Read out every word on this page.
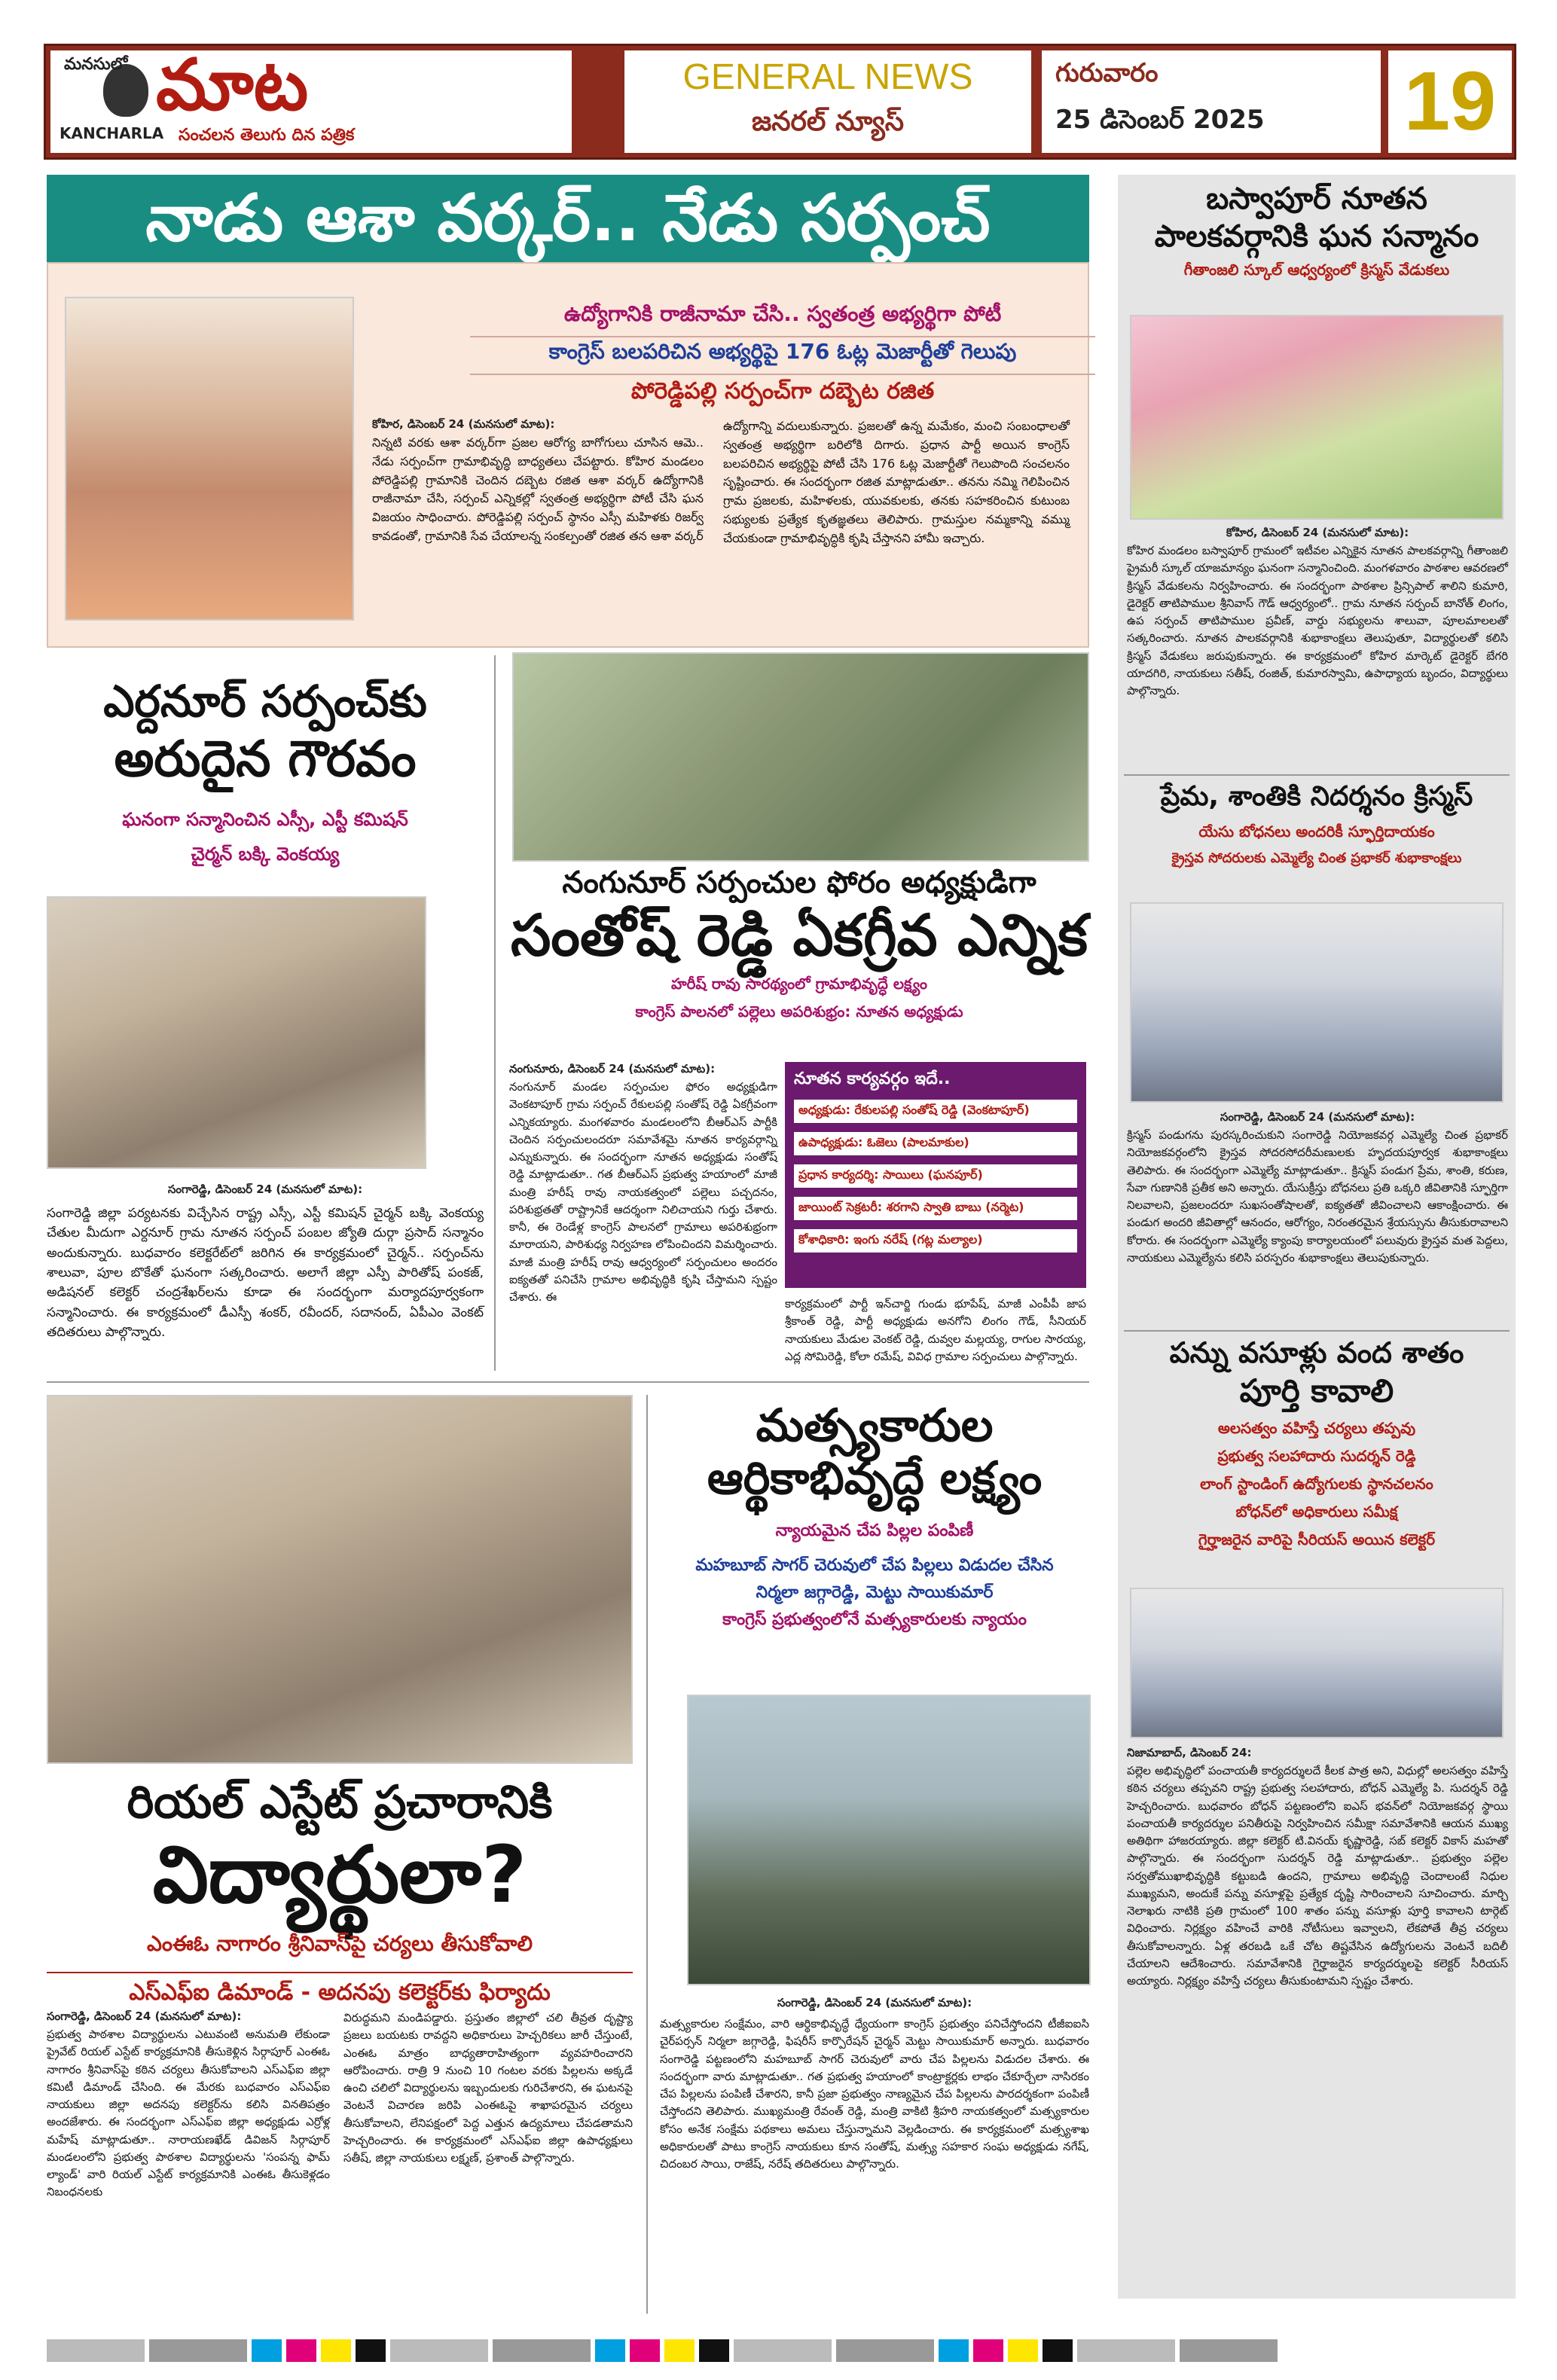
మనసులో మాట
KANCHARLA సంచలన తెలుగు దిన పత్రిక
GENERAL NEWS
జనరల్ న్యూస్
గురువారం
25 డిసెంబర్ 2025	19
నాడు ఆశా వర్కర్.. నేడు సర్పంచ్
ఉద్యోగానికి రాజీనామా చేసి.. స్వతంత్ర అభ్యర్థిగా పోటీ
కాంగ్రెస్ బలపరిచిన అభ్యర్థిపై 176 ఓట్ల మెజార్టీతో గెలుపు
పోరెడ్డిపల్లి సర్పంచ్‌గా దబ్బెట రజిత
కోహిర, డిసెంబర్ 24 (మనసులో మాట):
నిన్నటి వరకు ఆశా వర్కర్‌గా ప్రజల ఆరోగ్య బాగోగులు చూసిన ఆమె.. నేడు సర్పంచ్‌గా గ్రామాభివృద్ధి బాధ్యతలు చేపట్టారు. కోహిర మండలం పోరెడ్డిపల్లి గ్రామానికి చెందిన దబ్బెట రజిత ఆశా వర్కర్ ఉద్యోగానికి రాజీనామా చేసి, సర్పంచ్ ఎన్నికల్లో స్వతంత్ర అభ్యర్థిగా పోటీ చేసి ఘన విజయం సాధించారు. పోరెడ్డిపల్లి సర్పంచ్ స్థానం ఎస్సీ మహిళకు రిజర్వ్ కావడంతో, గ్రామానికి సేవ చేయాలన్న సంకల్పంతో రజిత తన ఆశా వర్కర్
ఉద్యోగాన్ని వదులుకున్నారు. ప్రజలతో ఉన్న మమేకం, మంచి సంబంధాలతో స్వతంత్ర అభ్యర్థిగా బరిలోకి దిగారు. ప్రధాన పార్టీ అయిన కాంగ్రెస్ బలపరిచిన అభ్యర్థిపై పోటీ చేసి 176 ఓట్ల మెజార్టీతో గెలుపొంది సంచలనం సృష్టించారు. ఈ సందర్భంగా రజిత మాట్లాడుతూ.. తనను నమ్మి గెలిపించిన గ్రామ ప్రజలకు, మహిళలకు, యువకులకు, తనకు సహకరించిన కుటుంబ సభ్యులకు ప్రత్యేక కృతజ్ఞతలు తెలిపారు. గ్రామస్తుల నమ్మకాన్ని వమ్ము చేయకుండా గ్రామాభివృద్ధికి కృషి చేస్తానని హామీ ఇచ్చారు.
ఎర్దనూర్ సర్పంచ్‌కు
అరుదైన గౌరవం
ఘనంగా సన్మానించిన ఎస్సీ, ఎస్టీ కమిషన్
చైర్మన్ బక్కి వెంకయ్య
సంగారెడ్డి, డిసెంబర్ 24 (మనసులో మాట):
సంగారెడ్డి జిల్లా పర్యటనకు విచ్చేసిన రాష్ట్ర ఎస్సీ, ఎస్టీ కమిషన్ చైర్మన్ బక్కి వెంకయ్య చేతుల మీదుగా ఎర్దనూర్ గ్రామ నూతన సర్పంచ్ పంబల జ్యోతి దుర్గా ప్రసాద్ సన్మానం అందుకున్నారు. బుధవారం కలెక్టరేట్‌లో జరిగిన ఈ కార్యక్రమంలో చైర్మన్.. సర్పంచ్‌ను శాలువా, పూల బొకేతో ఘనంగా సత్కరించారు. అలాగే జిల్లా ఎస్పీ పారితోష్ పంకజ్, అడిషనల్ కలెక్టర్ చంద్రశేఖర్‌లను కూడా ఈ సందర్భంగా మర్యాదపూర్వకంగా సన్మానించారు. ఈ కార్యక్రమంలో డీఎస్పీ శంకర్, రవీందర్, సదానంద్, ఏపీఎం వెంకట్ తదితరులు పాల్గొన్నారు.
నంగునూర్ సర్పంచుల ఫోరం అధ్యక్షుడిగా
సంతోష్ రెడ్డి ఏకగ్రీవ ఎన్నిక
హరీష్ రావు సారథ్యంలో గ్రామాభివృద్ధే లక్ష్యం
కాంగ్రెస్ పాలనలో పల్లెలు అపరిశుభ్రం: నూతన అధ్యక్షుడు
నంగునూరు, డిసెంబర్ 24 (మనసులో మాట):
నంగునూర్ మండల సర్పంచుల ఫోరం అధ్యక్షుడిగా వెంకటాపూర్ గ్రామ సర్పంచ్ రేకులపల్లి సంతోష్ రెడ్డి ఏకగ్రీవంగా ఎన్నికయ్యారు. మంగళవారం మండలంలోని బీఆర్ఎస్ పార్టీకి చెందిన సర్పంచులందరూ సమావేశమై నూతన కార్యవర్గాన్ని ఎన్నుకున్నారు. ఈ సందర్భంగా నూతన అధ్యక్షుడు సంతోష్ రెడ్డి మాట్లాడుతూ.. గత బీఆర్ఎస్ ప్రభుత్వ హయాంలో మాజీ మంత్రి హరీష్ రావు నాయకత్వంలో పల్లెలు పచ్చదనం, పరిశుభ్రతతో రాష్ట్రానికే ఆదర్శంగా నిలిచాయని గుర్తు చేశారు. కానీ, ఈ రెండేళ్ల కాంగ్రెస్ పాలనలో గ్రామాలు అపరిశుభ్రంగా మారాయని, పారిశుధ్య నిర్వహణ లోపించిందని విమర్శించారు. మాజీ మంత్రి హరీష్ రావు ఆధ్వర్యంలో సర్పంచులం అందరం ఐక్యతతో పనిచేసి గ్రామాల అభివృద్ధికి కృషి చేస్తామని స్పష్టం చేశారు. ఈ
నూతన కార్యవర్గం ఇదే..
అధ్యక్షుడు: రేకులపల్లి సంతోష్ రెడ్డి (వెంకటాపూర్)
ఉపాధ్యక్షుడు: ఓజెలు (పాలమాకుల)
ప్రధాన కార్యదర్శి: సాయిలు (ఘనపూర్)
జాయింట్ సెక్రటరీ: శరగాని స్వాతి బాబు (నర్మెట)
కోశాధికారి: ఇంగు నరేష్ (గట్ల మల్యాల)
కార్యక్రమంలో పార్టీ ఇన్‌చార్జి గుండు భూపేష్, మాజీ ఎంపీపీ జాప శ్రీకాంత్ రెడ్డి, పార్టీ అధ్యక్షుడు అనగోని లింగం గౌడ్, సీనియర్ నాయకులు మేడుల వెంకట్ రెడ్డి, దువ్వల మల్లయ్య, రాగుల సారయ్య, ఎద్ల సోమిరెడ్డి, కోలా రమేష్, వివిధ గ్రామాల సర్పంచులు పాల్గొన్నారు.
రియల్ ఎస్టేట్ ప్రచారానికి
విద్యార్థులా?
ఎంఈఓ నాగారం శ్రీనివాస్‌పై చర్యలు తీసుకోవాలి
ఎస్ఎఫ్ఐ డిమాండ్ - అదనపు కలెక్టర్‌కు ఫిర్యాదు
సంగారెడ్డి, డిసెంబర్ 24 (మనసులో మాట):
ప్రభుత్వ పాఠశాల విద్యార్థులను ఎటువంటి అనుమతి లేకుండా ప్రైవేట్ రియల్ ఎస్టేట్ కార్యక్రమానికి తీసుకెళ్లిన సిర్గాపూర్ ఎంఈఓ నాగారం శ్రీనివాస్‌పై కఠిన చర్యలు తీసుకోవాలని ఎస్ఎఫ్ఐ జిల్లా కమిటీ డిమాండ్ చేసింది. ఈ మేరకు బుధవారం ఎస్ఎఫ్ఐ నాయకులు జిల్లా అదనపు కలెక్టర్‌ను కలిసి వినతిపత్రం అందజేశారు. ఈ సందర్భంగా ఎస్ఎఫ్ఐ జిల్లా అధ్యక్షుడు ఎర్రోళ్ల మహేష్ మాట్లాడుతూ.. నారాయణఖేడ్ డివిజన్ సిర్గాపూర్ మండలంలోని ప్రభుత్వ పాఠశాల విద్యార్థులను 'సంపన్న ఫామ్ ల్యాండ్' వారి రియల్ ఎస్టేట్ కార్యక్రమానికి ఎంఈఓ తీసుకెళ్లడం నిబంధనలకు
విరుద్ధమని మండిపడ్డారు. ప్రస్తుతం జిల్లాలో చలి తీవ్రత దృష్ట్యా ప్రజలు బయటకు రావద్దని అధికారులు హెచ్చరికలు జారీ చేస్తుంటే, ఎంఈఓ మాత్రం బాధ్యతారాహిత్యంగా వ్యవహరించారని ఆరోపించారు. రాత్రి 9 నుంచి 10 గంటల వరకు పిల్లలను అక్కడే ఉంచి చలిలో విద్యార్థులను ఇబ్బందులకు గురిచేశారని, ఈ ఘటనపై వెంటనే విచారణ జరిపి ఎంఈఓపై శాఖాపరమైన చర్యలు తీసుకోవాలని, లేనిపక్షంలో పెద్ద ఎత్తున ఉద్యమాలు చేపడతామని హెచ్చరించారు. ఈ కార్యక్రమంలో ఎస్ఎఫ్ఐ జిల్లా ఉపాధ్యక్షులు సతీష్, జిల్లా నాయకులు లక్ష్మణ్, ప్రశాంత్ పాల్గొన్నారు.
మత్స్యకారుల
ఆర్థికాభివృద్ధే లక్ష్యం
న్యాయమైన చేప పిల్లల పంపిణీ
మహబూబ్ సాగర్ చెరువులో చేప పిల్లలు విడుదల చేసిన
నిర్మలా జగ్గారెడ్డి, మెట్టు సాయికుమార్
కాంగ్రెస్ ప్రభుత్వంలోనే మత్స్యకారులకు న్యాయం
సంగారెడ్డి, డిసెంబర్ 24 (మనసులో మాట):
మత్స్యకారుల సంక్షేమం, వారి ఆర్థికాభివృద్ధే ధ్యేయంగా కాంగ్రెస్ ప్రభుత్వం పనిచేస్తోందని టీజీఐఐసి చైర్‌పర్సన్ నిర్మలా జగ్గారెడ్డి, ఫిషరీస్ కార్పొరేషన్ చైర్మన్ మెట్టు సాయికుమార్ అన్నారు. బుధవారం సంగారెడ్డి పట్టణంలోని మహబూబ్ సాగర్ చెరువులో వారు చేప పిల్లలను విడుదల చేశారు. ఈ సందర్భంగా వారు మాట్లాడుతూ.. గత ప్రభుత్వ హయాంలో కాంట్రాక్టర్లకు లాభం చేకూర్చేలా నాసిరకం చేప పిల్లలను పంపిణీ చేశారని, కానీ ప్రజా ప్రభుత్వం నాణ్యమైన చేప పిల్లలను పారదర్శకంగా పంపిణీ చేస్తోందని తెలిపారు. ముఖ్యమంత్రి రేవంత్ రెడ్డి, మంత్రి వాకిటి శ్రీహరి నాయకత్వంలో మత్స్యకారుల కోసం అనేక సంక్షేమ పథకాలు అమలు చేస్తున్నామని వెల్లడించారు. ఈ కార్యక్రమంలో మత్స్యశాఖ అధికారులతో పాటు కాంగ్రెస్ నాయకులు కూన సంతోష్, మత్స్య సహకార సంఘ అధ్యక్షుడు నగేష్, చిదంబర సాయి, రాజేష్, నరేష్ తదితరులు పాల్గొన్నారు.
బస్వాపూర్ నూతన
పాలకవర్గానికి ఘన సన్మానం
గీతాంజలి స్కూల్ ఆధ్వర్యంలో క్రిస్మస్ వేడుకలు
కోహిర, డిసెంబర్ 24 (మనసులో మాట):
కోహిర మండలం బస్వాపూర్ గ్రామంలో ఇటీవల ఎన్నికైన నూతన పాలకవర్గాన్ని గీతాంజలి ప్రైమరీ స్కూల్ యాజమాన్యం ఘనంగా సన్మానించింది. మంగళవారం పాఠశాల ఆవరణలో క్రిస్మస్ వేడుకలను నిర్వహించారు. ఈ సందర్భంగా పాఠశాల ప్రిన్సిపాల్ శాలిని కుమారి, డైరెక్టర్ తాటిపాముల శ్రీనివాస్ గౌడ్ ఆధ్వర్యంలో.. గ్రామ నూతన సర్పంచ్ బానోత్ లింగం, ఉప సర్పంచ్ తాటిపాముల ప్రవీణ్, వార్డు సభ్యులను శాలువా, పూలమాలలతో సత్కరించారు. నూతన పాలకవర్గానికి శుభాకాంక్షలు తెలుపుతూ, విద్యార్థులతో కలిసి క్రిస్మస్ వేడుకలు జరుపుకున్నారు. ఈ కార్యక్రమంలో కోహిర మార్కెట్ డైరెక్టర్ బేగరి యాదగిరి, నాయకులు సతీష్, రంజిత్, కుమారస్వామి, ఉపాధ్యాయ బృందం, విద్యార్థులు పాల్గొన్నారు.
ప్రేమ, శాంతికి నిదర్శనం క్రిస్మస్
యేసు బోధనలు అందరికీ స్ఫూర్తిదాయకం
క్రైస్తవ సోదరులకు ఎమ్మెల్యే చింత ప్రభాకర్ శుభాకాంక్షలు
సంగారెడ్డి, డిసెంబర్ 24 (మనసులో మాట):
క్రిస్మస్ పండుగను పురస్కరించుకుని సంగారెడ్డి నియోజకవర్గ ఎమ్మెల్యే చింత ప్రభాకర్ నియోజకవర్గంలోని క్రైస్తవ సోదరసోదరీమణులకు హృదయపూర్వక శుభాకాంక్షలు తెలిపారు. ఈ సందర్భంగా ఎమ్మెల్యే మాట్లాడుతూ.. క్రిస్మస్ పండుగ ప్రేమ, శాంతి, కరుణ, సేవా గుణానికి ప్రతీక అని అన్నారు. యేసుక్రీస్తు బోధనలు ప్రతి ఒక్కరి జీవితానికి స్ఫూర్తిగా నిలవాలని, ప్రజలందరూ సుఖసంతోషాలతో, ఐక్యతతో జీవించాలని ఆకాంక్షించారు. ఈ పండుగ అందరి జీవితాల్లో ఆనందం, ఆరోగ్యం, నిరంతరమైన శ్రేయస్సును తీసుకురావాలని కోరారు. ఈ సందర్భంగా ఎమ్మెల్యే క్యాంపు కార్యాలయంలో పలువురు క్రైస్తవ మత పెద్దలు, నాయకులు ఎమ్మెల్యేను కలిసి పరస్పరం శుభాకాంక్షలు తెలుపుకున్నారు.
పన్ను వసూళ్లు వంద శాతం
పూర్తి కావాలి
అలసత్వం వహిస్తే చర్యలు తప్పవు
ప్రభుత్వ సలహాదారు సుదర్శన్ రెడ్డి
లాంగ్ స్టాండింగ్ ఉద్యోగులకు స్థానచలనం
బోధన్‌లో అధికారులు సమీక్ష
గైర్హాజరైన వారిపై సీరియస్ అయిన కలెక్టర్
నిజామాబాద్, డిసెంబర్ 24:
పల్లెల అభివృద్ధిలో పంచాయతీ కార్యదర్శులదే కీలక పాత్ర అని, విధుల్లో అలసత్వం వహిస్తే కఠిన చర్యలు తప్పవని రాష్ట్ర ప్రభుత్వ సలహాదారు, బోధన్ ఎమ్మెల్యే పి. సుదర్శన్ రెడ్డి హెచ్చరించారు. బుధవారం బోధన్ పట్టణంలోని ఐఎస్ భవన్‌లో నియోజకవర్గ స్థాయి పంచాయతీ కార్యదర్శుల పనితీరుపై నిర్వహించిన సమీక్షా సమావేశానికి ఆయన ముఖ్య అతిథిగా హాజరయ్యారు. జిల్లా కలెక్టర్ టి.వినయ్ కృష్ణారెడ్డి, సబ్ కలెక్టర్ వికాస్ మహతో పాల్గొన్నారు. ఈ సందర్భంగా సుదర్శన్ రెడ్డి మాట్లాడుతూ.. ప్రభుత్వం పల్లెల సర్వతోముఖాభివృద్ధికి కట్టుబడి ఉందని, గ్రామాలు అభివృద్ధి చెందాలంటే నిధుల ముఖ్యమని, అందుకే పన్ను వసూళ్లపై ప్రత్యేక దృష్టి సారించాలని సూచించారు. మార్చి నెలాఖరు నాటికి ప్రతి గ్రామంలో 100 శాతం పన్ను వసూళ్లు పూర్తి కావాలని టార్గెట్ విధించారు. నిర్లక్ష్యం వహించే వారికి నోటీసులు ఇవ్వాలని, లేకపోతే తీవ్ర చర్యలు తీసుకోవాలన్నారు. ఏళ్ల తరబడి ఒకే చోట తిష్టవేసిన ఉద్యోగులను వెంటనే బదిలీ చేయాలని ఆదేశించారు. సమావేశానికి గైర్హాజరైన కార్యదర్శులపై కలెక్టర్ సీరియస్ అయ్యారు. నిర్లక్ష్యం వహిస్తే చర్యలు తీసుకుంటామని స్పష్టం చేశారు.
